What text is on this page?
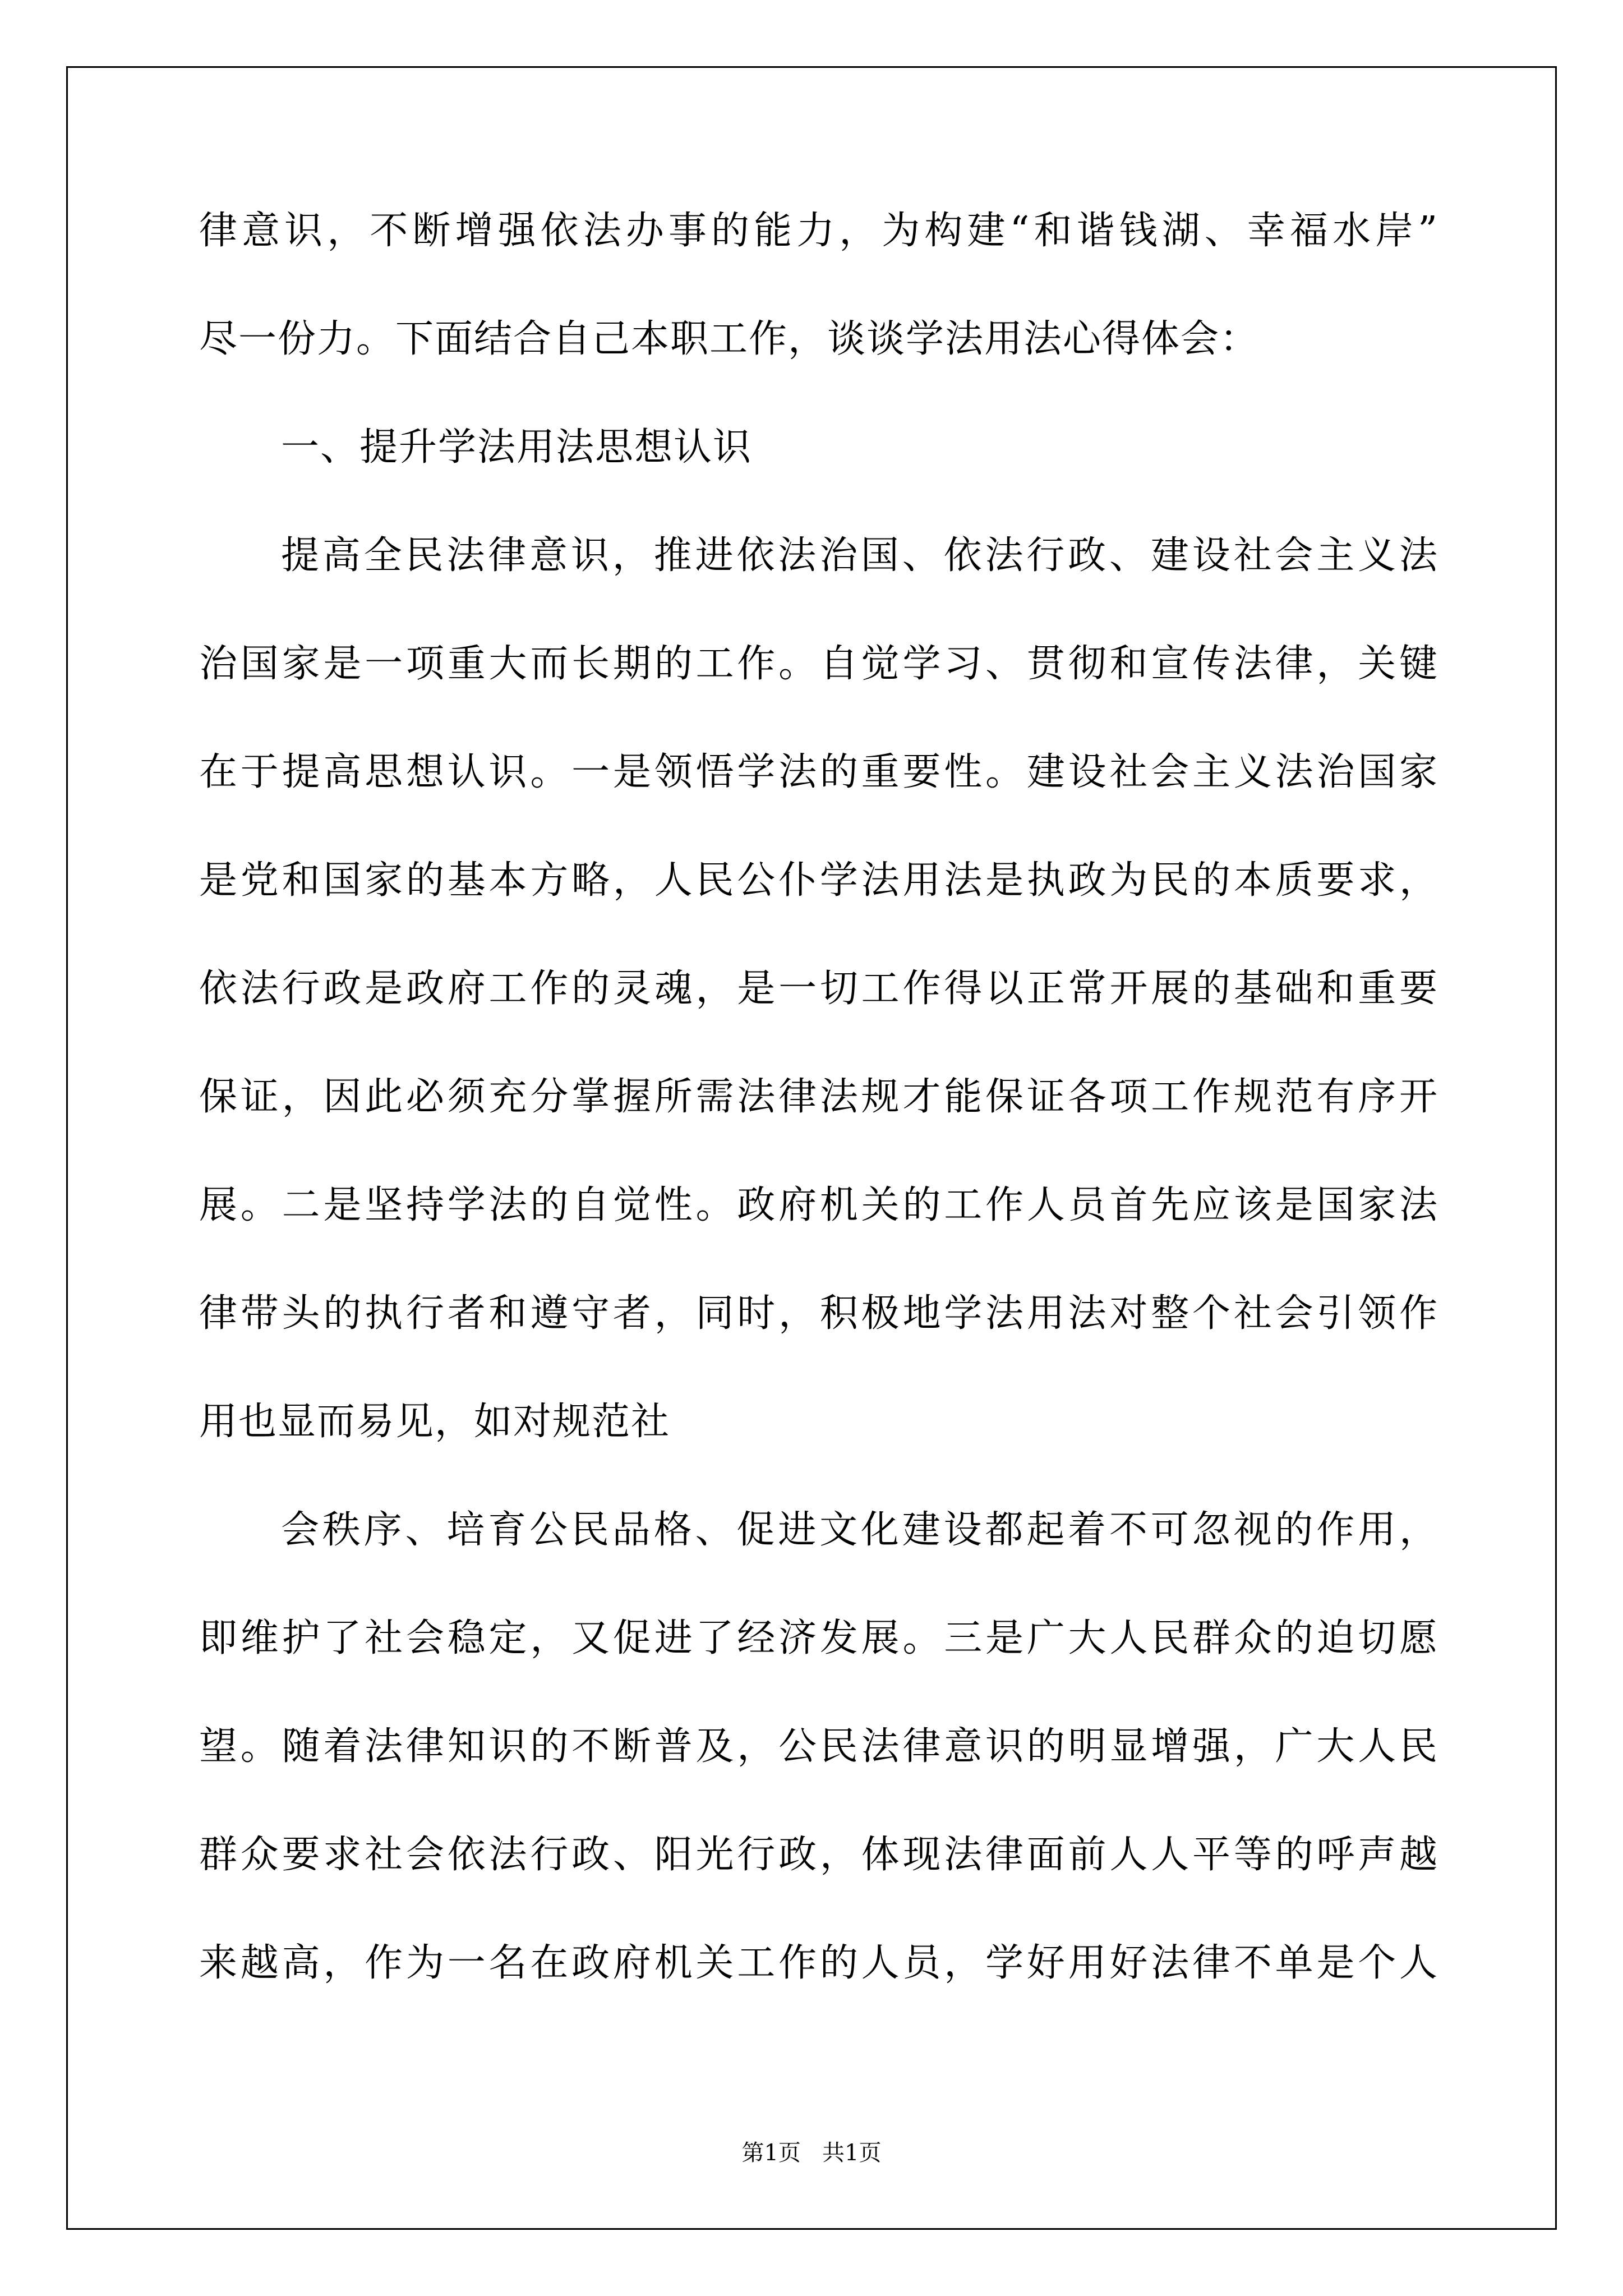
律意识，不断增强依法办事的能力，为构建“和谐钱湖、幸福水岸”
尽一份力。下面结合自己本职工作，谈谈学法用法心得体会：
一、提升学法用法思想认识
提高全民法律意识，推进依法治国、依法行政、建设社会主义法
治国家是一项重大而长期的工作。自觉学习、贯彻和宣传法律，关键
在于提高思想认识。一是领悟学法的重要性。建设社会主义法治国家
是党和国家的基本方略，人民公仆学法用法是执政为民的本质要求，
依法行政是政府工作的灵魂，是一切工作得以正常开展的基础和重要
保证，因此必须充分掌握所需法律法规才能保证各项工作规范有序开
展。二是坚持学法的自觉性。政府机关的工作人员首先应该是国家法
律带头的执行者和遵守者，同时，积极地学法用法对整个社会引领作
用也显而易见，如对规范社
会秩序、培育公民品格、促进文化建设都起着不可忽视的作用，
即维护了社会稳定，又促进了经济发展。三是广大人民群众的迫切愿
望。随着法律知识的不断普及，公民法律意识的明显增强，广大人民
群众要求社会依法行政、阳光行政，体现法律面前人人平等的呼声越
来越高，作为一名在政府机关工作的人员，学好用好法律不单是个人
第1页   共1页
